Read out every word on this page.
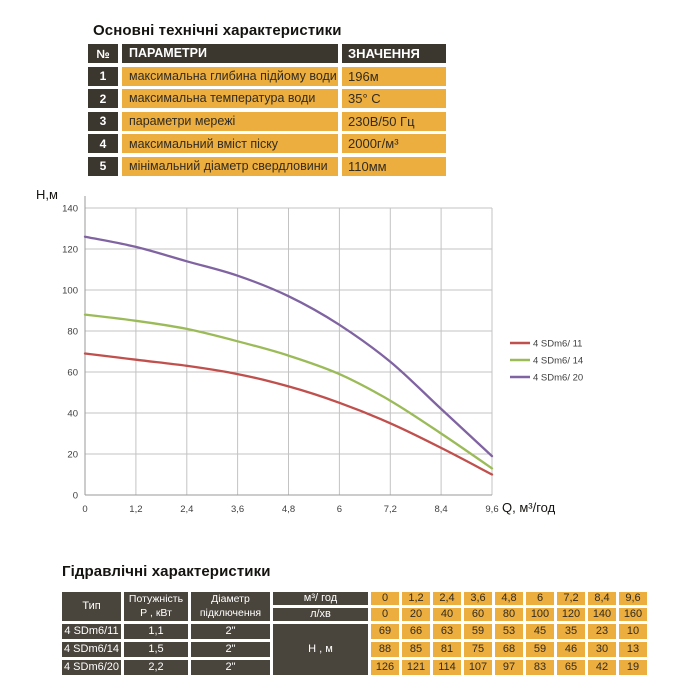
Основні технічні характеристики
№	ПАРАМЕТРИ	ЗНАЧЕННЯ
1	максимальна глибина підйому води 196м
2	максимальна температура води	35° С
3	параметри мережі	230В/50 Гц
4	максимальний вміст піску	2000г/м³
5	мінімальний діаметр свердловини	110мм
0
20
40
60
80
100
120
140
0	1,2	2,4	3,6	4,8	6	7,2	8,4	9,6
Н,м
Q, м³/год
4 SDm6/ 11
4 SDm6/ 14
4 SDm6/ 20
Гідравлічні характеристики
Тип
Потужність
Р , кВт
Діаметр
підключення
м³/ год
л/хв
Н , м
4 SDm6/11	1,1	2"
4 SDm6/14	1,5	2"
4 SDm6/20	2,2	2"
0	1,2	2,4	3,6	4,8	6	7,2	8,4	9,6
0	20	40	60	80	100	120	140	160
69	66	63	59	53	45	35	23	10
88	85	81	75	68	59	46	30	13
126	121	114	107	97	83	65	42	19
